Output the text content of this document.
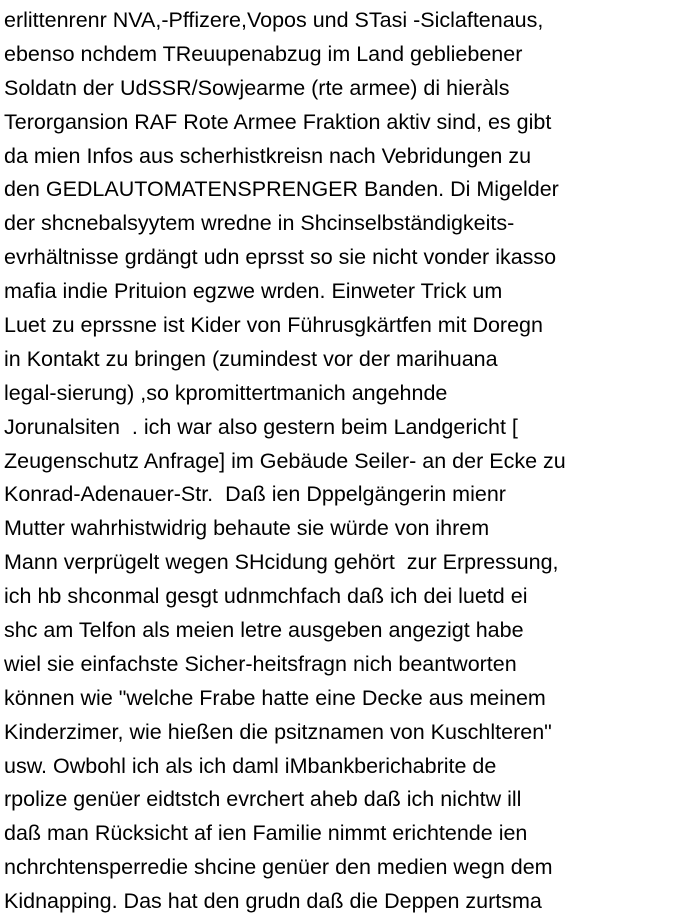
erlittenrenr NVA,-Pffizere,Vopos und STasi -Siclaftenaus,
ebenso nchdem TReuupenabzug im Land gebliebener
Soldatn der UdSSR/Sowjearme (rte armee) di hieràls
Terorgansion RAF Rote Armee Fraktion aktiv sind, es gibt
da mien Infos aus scherhistkreisn nach Vebridungen zu
den GEDLAUTOMATENSPRENGER Banden. Di Migelder
der shcnebalsyytem wredne in Shcinselbständigkeits-
evrhältnisse grdängt udn eprsst so sie nicht vonder ikasso
mafia indie Prituion egzwe wrden. Einweter Trick um
Luet zu eprssne ist Kider von Führusgkärtfen mit Doregn
in Kontakt zu bringen (zumindest vor der marihuana
legal-sierung) ,so kpromittertmanich angehnde
Jorunalsiten  . ich war also gestern beim Landgericht [
Zeugenschutz Anfrage] im Gebäude Seiler- an der Ecke zu
Konrad-Adenauer-Str.  Daß ien Dppelgängerin mienr
Mutter wahrhistwidrig behaute sie würde von ihrem
Mann verprügelt wegen SHcidung gehört  zur Erpressung,
ich hb shconmal gesgt udnmchfach daß ich dei luetd ei
shc am Telfon als meien letre ausgeben angezigt habe
wiel sie einfachste Sicher-heitsfragn nich beantworten
können wie "welche Frabe hatte eine Decke aus meinem
Kinderzimer, wie hießen die psitznamen von Kuschlteren"
usw. Owbohl ich als ich daml iMbankberichabrite de
rpolize genüer eidtstch evrchert aheb daß ich nichtw ill
daß man Rücksicht af ien Familie nimmt erichtende ien
nchrchtensperredie shcine genüer den medien wegn dem
Kidnapping. Das hat den grudn daß die Deppen zurtsma
